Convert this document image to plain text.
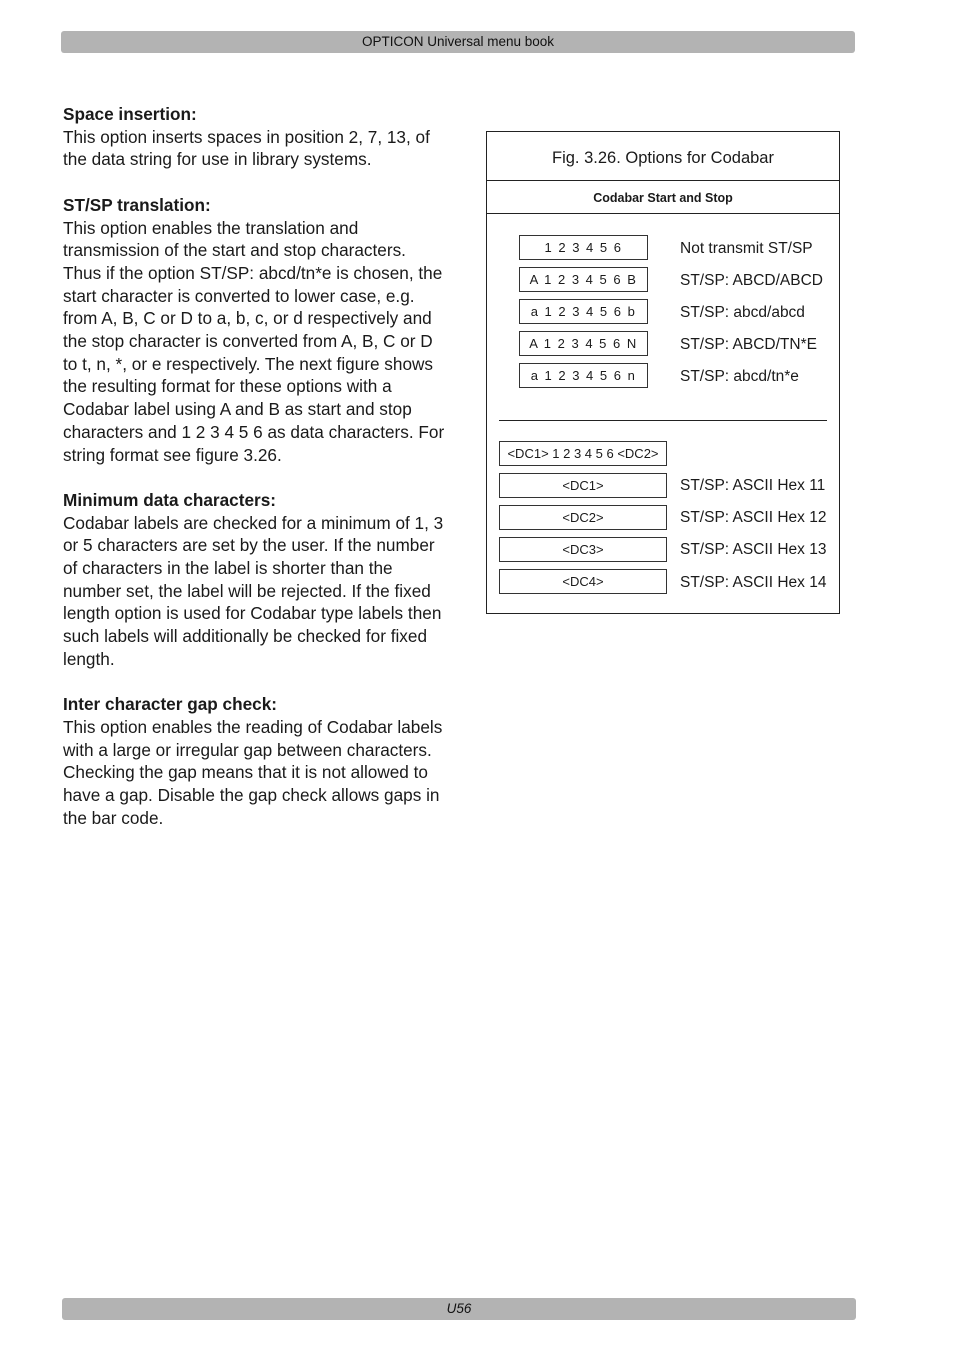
OPTICON Universal menu book
Space insertion:

This option inserts spaces in position 2, 7, 13, of the data string for use in library systems.

ST/SP translation:

This option enables the translation and transmission of the start and stop characters. Thus if the option ST/SP: abcd/tn*e is chosen, the start character is converted to lower case, e.g. from A, B, C or D to a, b, c, or d respectively and the stop character is converted from A, B, C or D to t, n, *, or e respectively. The next figure shows the resulting format for these options with a Codabar label using A and B as start and stop characters and 1 2 3 4 5 6 as data characters. For string format see figure 3.26.

Minimum data characters:

Codabar labels are checked for a minimum of 1, 3 or 5 characters are set by the user. If the number of characters in the label is shorter than the number set, the label will be rejected. If the fixed length option is used for Codabar type labels then such labels will additionally be checked for fixed length.

Inter character gap check:

This option enables the reading of Codabar labels with a large or irregular gap between characters. Checking the gap means that it is not allowed to have a gap. Disable the gap check allows gaps in the bar code.

Fig. 3.26. Options for Codabar
Codabar Start and Stop
1 2 3 4 5 6	Not transmit ST/SP
A 1 2 3 4 5 6 B	ST/SP: ABCD/ABCD
a 1 2 3 4 5 6 b	ST/SP: abcd/abcd
A 1 2 3 4 5 6 N	ST/SP: ABCD/TN*E
a 1 2 3 4 5 6 n	ST/SP: abcd/tn*e
<DC1> 1 2 3 4 5 6 <DC2>
<DC1>	ST/SP: ASCII Hex 11
<DC2>	ST/SP: ASCII Hex 12
<DC3>	ST/SP: ASCII Hex 13
<DC4>	ST/SP: ASCII Hex 14
U56
